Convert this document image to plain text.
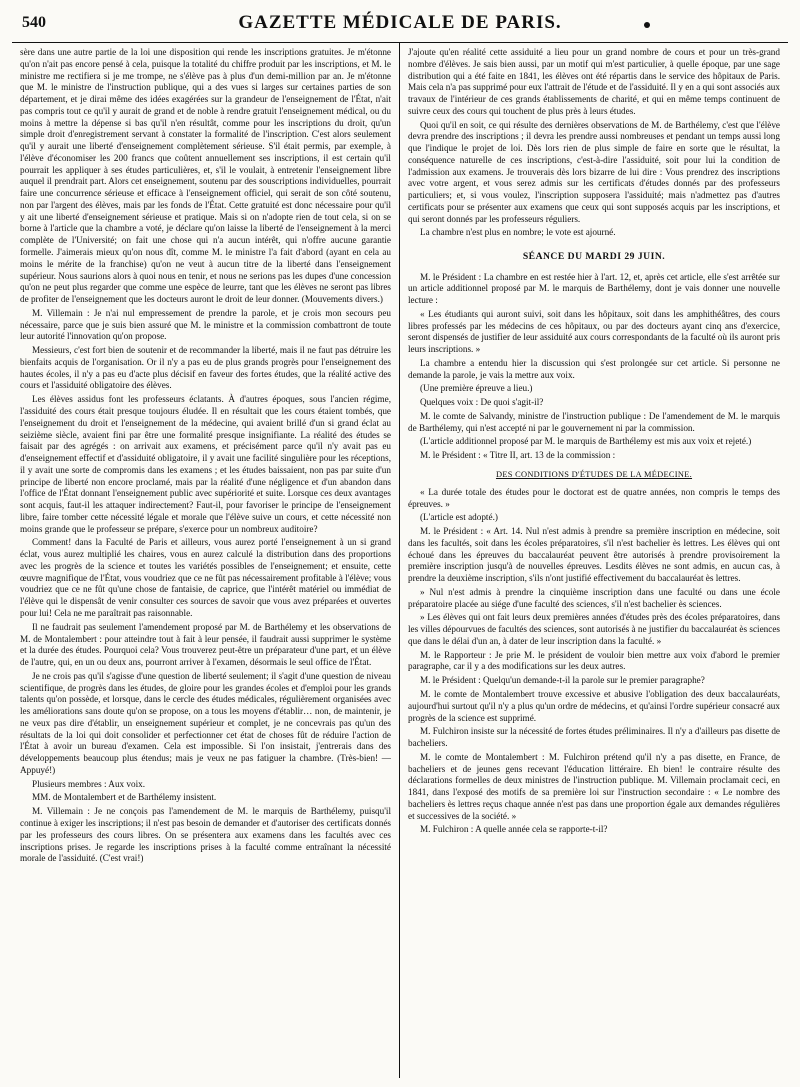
540	GAZETTE MÉDICALE DE PARIS.

sère dans une autre partie de la loi une disposition qui rende les inscriptions gratuites. Je m'étonne qu'on n'ait pas encore pensé à cela, puisque la totalité du chiffre produit par les inscriptions, et M. le ministre me rectifiera si je me trompe, ne s'élève pas à plus d'un demi-million par an. Je m'étonne que M. le ministre de l'instruction publique, qui a des vues si larges sur certaines parties de son département, et je dirai même des idées exagérées sur la grandeur de l'enseignement de l'État, n'ait pas compris tout ce qu'il y aurait de grand et de noble à rendre gratuit l'enseignement médical, ou du moins à mettre la dépense si bas qu'il n'en résultât, comme pour les inscriptions du droit, qu'un simple droit d'enregistrement servant à constater la formalité de l'inscription. C'est alors seulement qu'il y aurait une liberté d'enseignement complètement sérieuse. S'il était permis, par exemple, à l'élève d'économiser les 200 francs que coûtent annuellement ses inscriptions, il est certain qu'il pourrait les appliquer à ses études particulières, et, s'il le voulait, à entretenir l'enseignement libre auquel il prendrait part. Alors cet enseignement, soutenu par des souscriptions individuelles, pourrait faire une concurrence sérieuse et efficace à l'enseignement officiel, qui serait de son côté soutenu, non par l'argent des élèves, mais par les fonds de l'État. Cette gratuité est donc nécessaire pour qu'il y ait une liberté d'enseignement sérieuse et pratique. Mais si on n'adopte rien de tout cela, si on se borne à l'article que la chambre a voté, je déclare qu'on laisse la liberté de l'enseignement à la merci complète de l'Université; on fait une chose qui n'a aucun intérêt, qui n'offre aucune garantie formelle. J'aimerais mieux qu'on nous dît, comme M. le ministre l'a fait d'abord (ayant en cela au moins le mérite de la franchise) qu'on ne veut à aucun titre de la liberté dans l'enseignement supérieur. Nous saurions alors à quoi nous en tenir, et nous ne serions pas les dupes d'une concession qu'on ne peut plus regarder que comme une espèce de leurre, tant que les élèves ne seront pas libres de profiter de l'enseignement que les docteurs auront le droit de leur donner. (Mouvements divers.)

M. Villemain : Je n'ai nul empressement de prendre la parole, et je crois mon secours peu nécessaire, parce que je suis bien assuré que M. le ministre et la commission combattront de toute leur autorité l'innovation qu'on propose.

Messieurs, c'est fort bien de soutenir et de recommander la liberté, mais il ne faut pas détruire les bienfaits acquis de l'organisation. Or il n'y a pas eu de plus grands progrès pour l'enseignement des hautes écoles, il n'y a pas eu d'acte plus décisif en faveur des fortes études, que la réalité active des cours et l'assiduité obligatoire des élèves.

Les élèves assidus font les professeurs éclatants. À d'autres époques, sous l'ancien régime, l'assiduité des cours était presque toujours éludée. Il en résultait que les cours étaient tombés, que l'enseignement du droit et l'enseignement de la médecine, qui avaient brillé d'un si grand éclat au seizième siècle, avaient fini par être une formalité presque insignifiante. La réalité des études se faisait par des agrégés : on arrivait aux examens, et précisément parce qu'il n'y avait pas eu d'enseignement effectif et d'assiduité obligatoire, il y avait une facilité singulière pour les réceptions, il y avait une sorte de compromis dans les examens ; et les études baissaient, non pas par suite d'un principe de liberté non encore proclamé, mais par la réalité d'une négligence et d'un abandon dans l'office de l'État donnant l'enseignement public avec supériorité et suite. Lorsque ces deux avantages sont acquis, faut-il les attaquer indirectement? Faut-il, pour favoriser le principe de l'enseignement libre, faire tomber cette nécessité légale et morale que l'élève suive un cours, et cette nécessité non moins grande que le professeur se prépare, s'exerce pour un nombreux auditoire?

Comment! dans la Faculté de Paris et ailleurs, vous aurez porté l'enseignement à un si grand éclat, vous aurez multiplié les chaires, vous en aurez calculé la distribution dans des proportions avec les progrès de la science et toutes les variétés possibles de l'enseignement; et ensuite, cette œuvre magnifique de l'État, vous voudriez que ce ne fût pas nécessairement profitable à l'élève; vous voudriez que ce ne fût qu'une chose de fantaisie, de caprice, que l'intérêt matériel ou immédiat de l'élève qui le dispensât de venir consulter ces sources de savoir que vous avez préparées et ouvertes pour lui! Cela ne me paraîtrait pas raisonnable.

Il ne faudrait pas seulement l'amendement proposé par M. de Barthélemy et les observations de M. de Montalembert : pour atteindre tout à fait à leur pensée, il faudrait aussi supprimer le système et la durée des études. Pourquoi cela? Vous trouverez peut-être un préparateur d'une part, et un élève de l'autre, qui, en un ou deux ans, pourront arriver à l'examen, désormais le seul office de l'État.

Je ne crois pas qu'il s'agisse d'une question de liberté seulement; il s'agit d'une question de niveau scientifique, de progrès dans les études, de gloire pour les grandes écoles et d'emploi pour les grands talents qu'on possède, et lorsque, dans le cercle des études médicales, régulièrement organisées avec les améliorations sans doute qu'on se propose, on a tous les moyens d'établir… non, de maintenir, je ne veux pas dire d'établir, un enseignement supérieur et complet, je ne concevrais pas qu'un des résultats de la loi qui doit consolider et perfectionner cet état de choses fût de réduire l'action de l'État à avoir un bureau d'examen. Cela est impossible. Si l'on insistait, j'entrerais dans des développements beaucoup plus étendus; mais je veux ne pas fatiguer la chambre. (Très-bien! — Appuyé!)

Plusieurs membres : Aux voix.

MM. de Montalembert et de Barthélemy insistent.

M. Villemain : Je ne conçois pas l'amendement de M. le marquis de Barthélemy, puisqu'il continue à exiger les inscriptions; il n'est pas besoin de demander et d'autoriser des certificats donnés par les professeurs des cours libres. On se présentera aux examens dans les facultés avec ces inscriptions prises. Je regarde les inscriptions prises à la faculté comme entraînant la nécessité morale de l'assiduité. (C'est vrai!)

J'ajoute qu'en réalité cette assiduité a lieu pour un grand nombre de cours et pour un très-grand nombre d'élèves. Je sais bien aussi, par un motif qui m'est particulier, à quelle époque, par une sage distribution qui a été faite en 1841, les élèves ont été répartis dans le service des hôpitaux de Paris. Mais cela n'a pas supprimé pour eux l'attrait de l'étude et de l'assiduité. Il y en a qui sont associés aux travaux de l'intérieur de ces grands établissements de charité, et qui en même temps continuent de suivre ceux des cours qui touchent de plus près à leurs études.

Quoi qu'il en soit, ce qui résulte des dernières observations de M. de Barthélemy, c'est que l'élève devra prendre des inscriptions ; il devra les prendre aussi nombreuses et pendant un temps aussi long que l'indique le projet de loi. Dès lors rien de plus simple de faire en sorte que le résultat, la conséquence naturelle de ces inscriptions, c'est-à-dire l'assiduité, soit pour lui la condition de l'admission aux examens. Je trouverais dès lors bizarre de lui dire : Vous prendrez des inscriptions avec votre argent, et vous serez admis sur les certificats d'études donnés par des professeurs particuliers; et, si vous voulez, l'inscription supposera l'assiduité; mais n'admettez pas d'autres certificats pour se présenter aux examens que ceux qui sont supposés acquis par les inscriptions, et qui seront donnés par les professeurs réguliers.

La chambre n'est plus en nombre; le vote est ajourné.

SÉANCE DU MARDI 29 JUIN.

M. le Président : La chambre en est restée hier à l'art. 12, et, après cet article, elle s'est arrêtée sur un article additionnel proposé par M. le marquis de Barthélemy, dont je vais donner une nouvelle lecture :

« Les étudiants qui auront suivi, soit dans les hôpitaux, soit dans les amphithéâtres, des cours libres professés par les médecins de ces hôpitaux, ou par des docteurs ayant cinq ans d'exercice, seront dispensés de justifier de leur assiduité aux cours correspondants de la faculté où ils auront pris leurs inscriptions. »

La chambre a entendu hier la discussion qui s'est prolongée sur cet article. Si personne ne demande la parole, je vais la mettre aux voix.

(Une première épreuve a lieu.)

Quelques voix : De quoi s'agit-il?

M. le comte de Salvandy, ministre de l'instruction publique : De l'amendement de M. le marquis de Barthélemy, qui n'est accepté ni par le gouvernement ni par la commission.

(L'article additionnel proposé par M. le marquis de Barthélemy est mis aux voix et rejeté.)

M. le Président : « Titre II, art. 13 de la commission :

DES CONDITIONS D'ÉTUDES DE LA MÉDECINE.

« La durée totale des études pour le doctorat est de quatre années, non compris le temps des épreuves. »

(L'article est adopté.)

M. le Président : « Art. 14. Nul n'est admis à prendre sa première inscription en médecine, soit dans les facultés, soit dans les écoles préparatoires, s'il n'est bachelier ès lettres. Les élèves qui ont échoué dans les épreuves du baccalauréat peuvent être autorisés à prendre provisoirement la première inscription jusqu'à de nouvelles épreuves. Lesdits élèves ne sont admis, en aucun cas, à prendre la deuxième inscription, s'ils n'ont justifié effectivement du baccalauréat ès lettres.

» Nul n'est admis à prendre la cinquième inscription dans une faculté ou dans une école préparatoire placée au siége d'une faculté des sciences, s'il n'est bachelier ès sciences.

» Les élèves qui ont fait leurs deux premières années d'études près des écoles préparatoires, dans les villes dépourvues de facultés des sciences, sont autorisés à ne justifier du baccalauréat ès sciences que dans le délai d'un an, à dater de leur inscription dans la faculté. »

M. le Rapporteur : Je prie M. le président de vouloir bien mettre aux voix d'abord le premier paragraphe, car il y a des modifications sur les deux autres.

M. le Président : Quelqu'un demande-t-il la parole sur le premier paragraphe?

M. le comte de Montalembert trouve excessive et abusive l'obligation des deux baccalauréats, aujourd'hui surtout qu'il n'y a plus qu'un ordre de médecins, et qu'ainsi l'ordre supérieur consacré aux progrès de la science est supprimé.

M. Fulchiron insiste sur la nécessité de fortes études préliminaires. Il n'y a d'ailleurs pas disette de bacheliers.

M. le comte de Montalembert : M. Fulchiron prétend qu'il n'y a pas disette, en France, de bacheliers et de jeunes gens recevant l'éducation littéraire. Eh bien! le contraire résulte des déclarations formelles de deux ministres de l'instruction publique. M. Villemain proclamait ceci, en 1841, dans l'exposé des motifs de sa première loi sur l'instruction secondaire : « Le nombre des bacheliers ès lettres reçus chaque année n'est pas dans une proportion égale aux demandes régulières et successives de la société. »

M. Fulchiron : A quelle année cela se rapporte-t-il?
